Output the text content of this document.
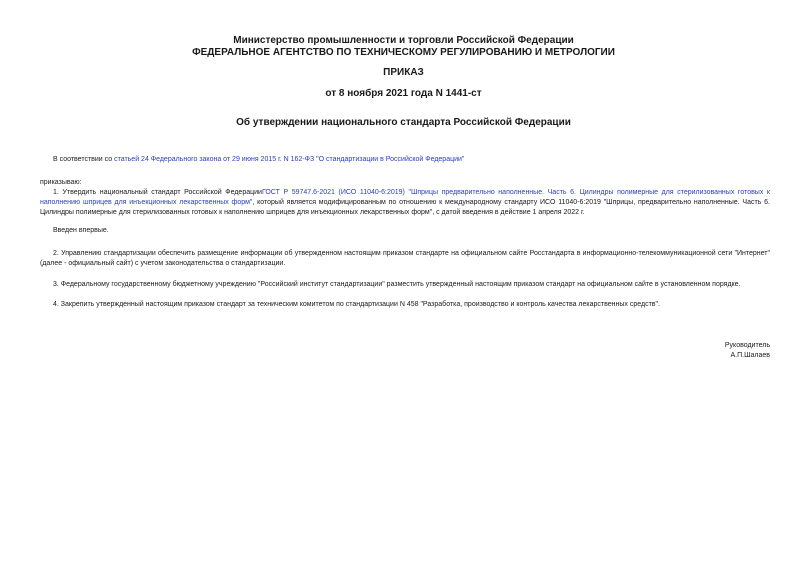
Министерство промышленности и торговли Российской Федерации
ФЕДЕРАЛЬНОЕ АГЕНТСТВО ПО ТЕХНИЧЕСКОМУ РЕГУЛИРОВАНИЮ И МЕТРОЛОГИИ
ПРИКАЗ
от 8 ноября 2021 года N 1441-ст
Об утверждении национального стандарта Российской Федерации
В соответствии со статьей 24 Федерального закона от 29 июня 2015 г. N 162-ФЗ "О стандартизации в Российской Федерации"
приказываю:
1. Утвердить национальный стандарт Российской ФедерацииГОСТ Р 59747.6-2021 (ИСО 11040-6:2019) "Шприцы предварительно наполненные. Часть 6. Цилиндры полимерные для стерилизованных готовых к наполнению шприцев для инъекционных лекарственных форм", который является модифицированным по отношению к международному стандарту ИСО 11040-6:2019 "Шприцы, предварительно наполненные. Часть 6. Цилиндры полимерные для стерилизованных готовых к наполнению шприцев для инъекционных лекарственных форм", с датой введения в действие 1 апреля 2022 г.
Введен впервые.
2. Управлению стандартизации обеспечить размещение информации об утвержденном настоящим приказом стандарте на официальном сайте Росстандарта в информационно-телекоммуникационной сети "Интернет" (далее - официальный сайт) с учетом законодательства о стандартизации.
3. Федеральному государственному бюджетному учреждению "Российский институт стандартизации" разместить утвержденный настоящим приказом стандарт на официальном сайте в установленном порядке.
4. Закрепить утвержденный настоящим приказом стандарт за техническим комитетом по стандартизации N 458 "Разработка, производство и контроль качества лекарственных средств".
Руководитель
А.П.Шалаев
